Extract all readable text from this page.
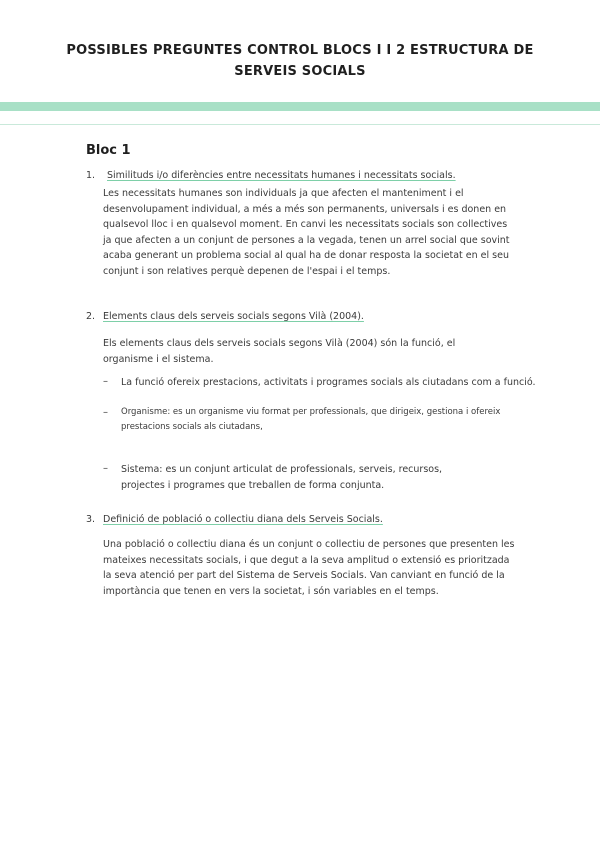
POSSIBLES PREGUNTES CONTROL BLOCS I I 2 ESTRUCTURA DE SERVEIS SOCIALS
Bloc 1
1. Similituds i/o diferències entre necessitats humanes i necessitats socials.
Les necessitats humanes son individuals ja que afecten el manteniment i el desenvolupament individual, a més a més son permanents, universals i es donen en qualsevol lloc i en qualsevol moment. En canvi les necessitats socials son collectives ja que afecten a un conjunt de persones a la vegada, tenen un arrel social que sovint acaba generant un problema social al qual ha de donar resposta la societat en el seu conjunt i son relatives perquè depenen de l'espai i el temps.
2. Elements claus dels serveis socials segons Vilà (2004).
Els elements claus dels serveis socials segons Vilà (2004) són la funció, el organisme i el sistema.
– La funció ofereix prestacions, activitats i programes socials als ciutadans com a funció.
– Organisme: es un organisme viu format per professionals, que dirigeix, gestiona i ofereix prestacions socials als ciutadans,
– Sistema: es un conjunt articulat de professionals, serveis, recursos, projectes i programes que treballen de forma conjunta.
3. Definició de població o collectiu diana dels Serveis Socials.
Una població o collectiu diana és un conjunt o collectiu de persones que presenten les mateixes necessitats socials, i que degut a la seva amplitud o extensió es prioritzada la seva atenció per part del Sistema de Serveis Socials. Van canviant en funció de la importància que tenen en vers la societat, i són variables en el temps.
